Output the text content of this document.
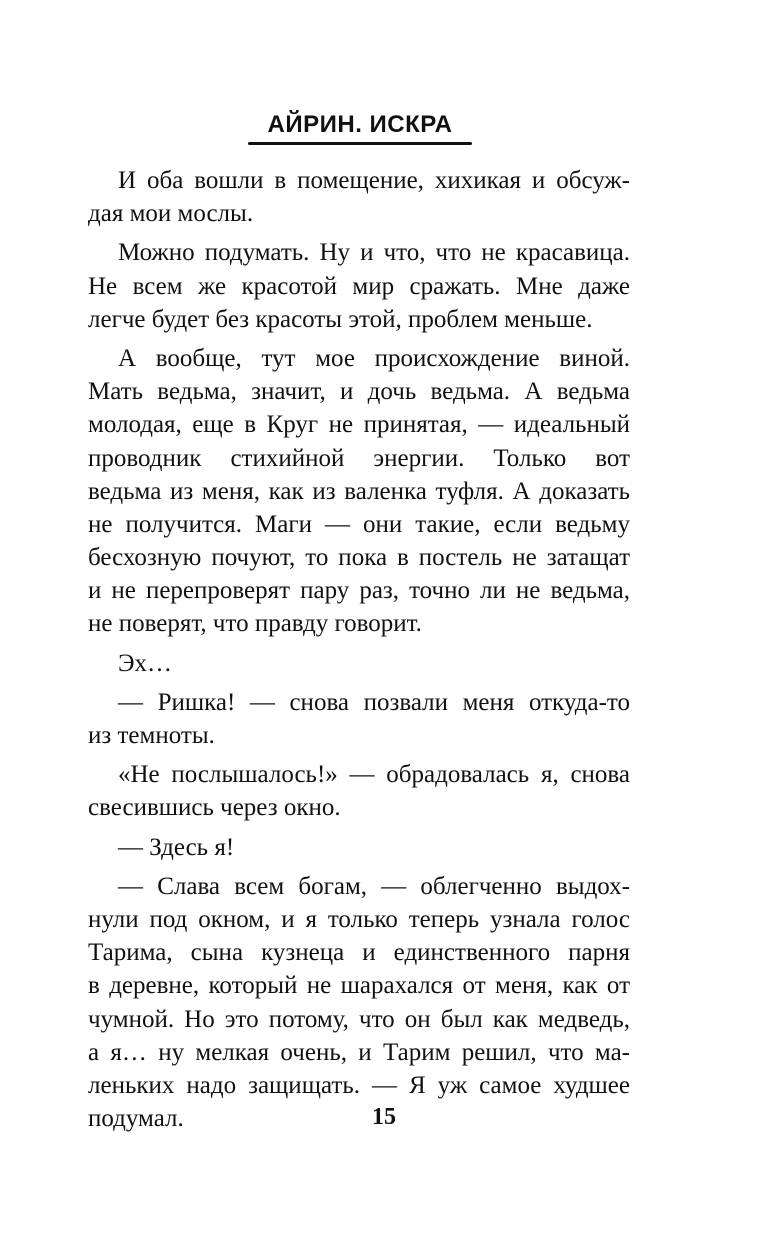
АЙРИН. ИСКРА
И оба вошли в помещение, хихикая и обсуж-
дая мои мослы.
Можно подумать. Ну и что, что не красавица.
Не всем же красотой мир сражать. Мне даже
легче будет без красоты этой, проблем меньше.
А вообще, тут мое происхождение виной.
Мать ведьма, значит, и дочь ведьма. А ведьма
молодая, еще в Круг не принятая, — идеальный
проводник стихийной энергии. Только вот
ведьма из меня, как из валенка туфля. А доказать
не получится. Маги — они такие, если ведьму
бесхозную почуют, то пока в постель не затащат
и не перепроверят пару раз, точно ли не ведьма,
не поверят, что правду говорит.
Эх…
— Ришка! — снова позвали меня откуда-то
из темноты.
«Не послышалось!» — обрадовалась я, снова
свесившись через окно.
— Здесь я!
— Слава всем богам, — облегченно выдох-
нули под окном, и я только теперь узнала голос
Тарима, сына кузнеца и единственного парня
в деревне, который не шарахался от меня, как от
чумной. Но это потому, что он был как медведь,
а я… ну мелкая очень, и Тарим решил, что ма-
леньких надо защищать. — Я уж самое худшее
подумал.	15
